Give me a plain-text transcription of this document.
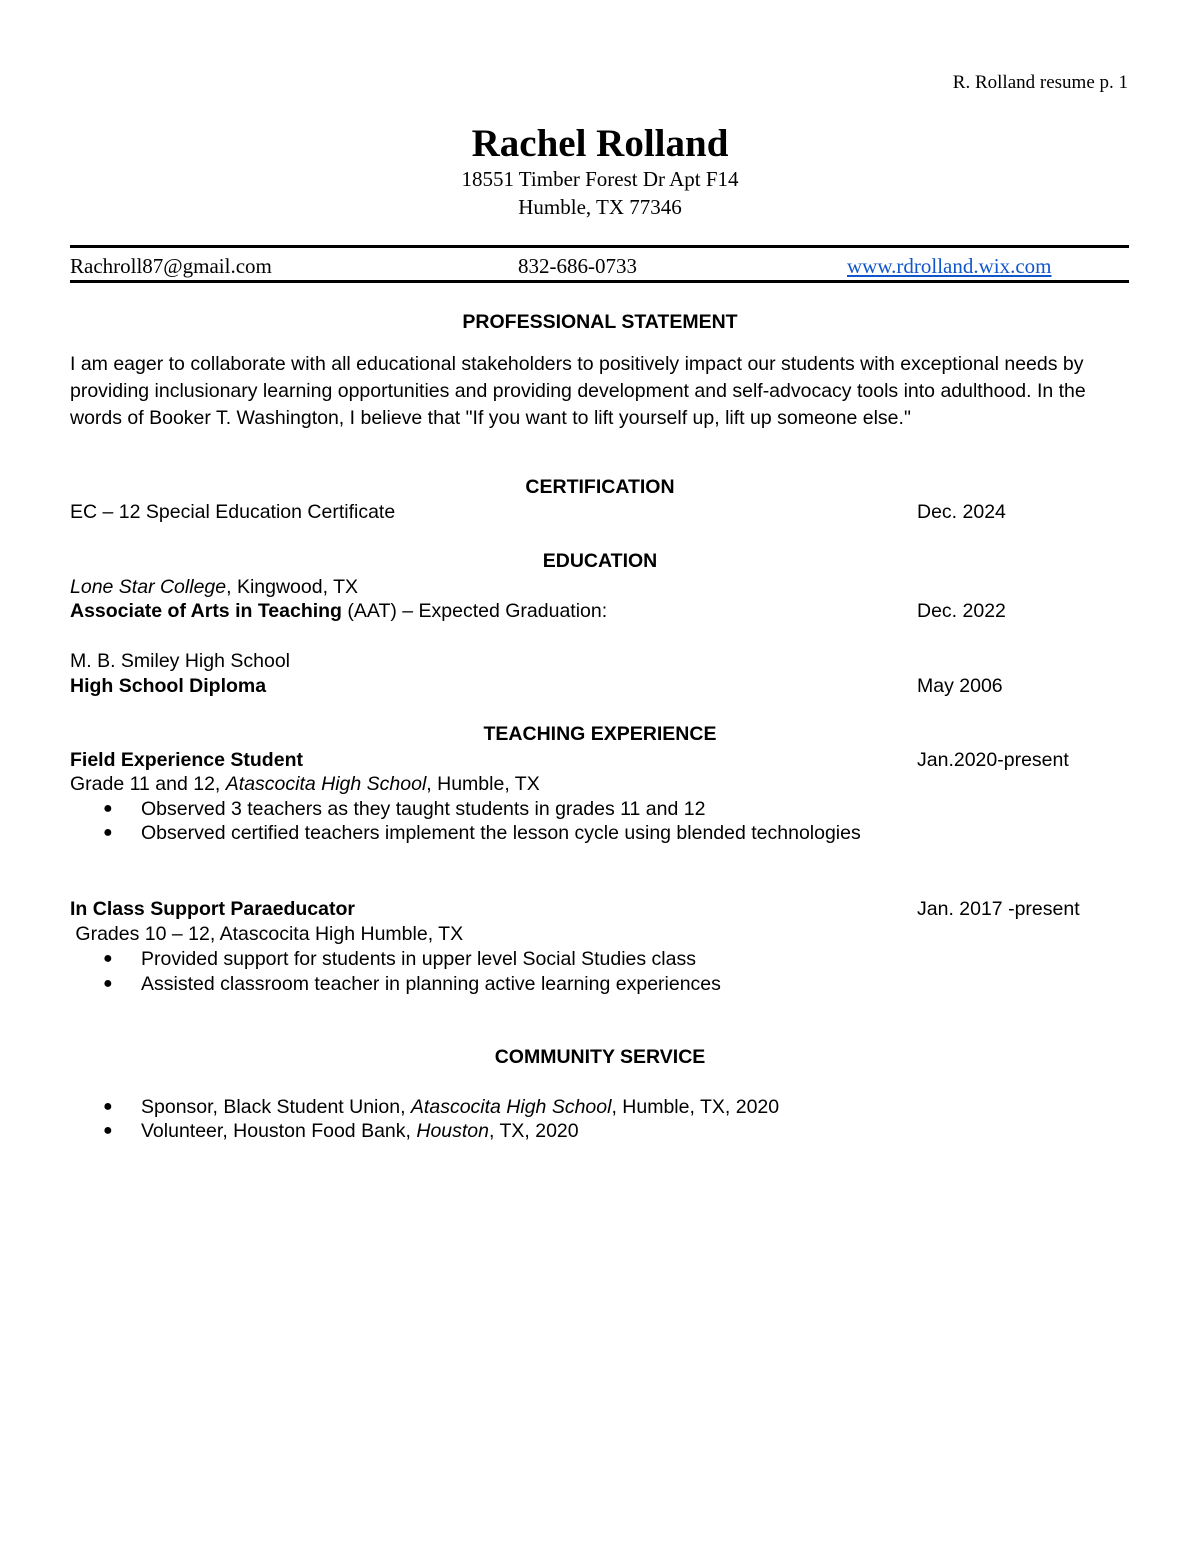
R. Rolland resume p. 1
Rachel Rolland
18551 Timber Forest Dr Apt F14
Humble, TX 77346
Rachroll87@gmail.com	832-686-0733	www.rdrolland.wix.com
PROFESSIONAL STATEMENT
I am eager to collaborate with all educational stakeholders to positively impact our students with exceptional needs by providing inclusionary learning opportunities and providing development and self-advocacy tools into adulthood. In the words of Booker T. Washington, I believe that "If you want to lift yourself up, lift up someone else."
CERTIFICATION
EC – 12 Special Education Certificate	Dec. 2024
EDUCATION
Lone Star College, Kingwood, TX
Associate of Arts in Teaching (AAT) – Expected Graduation:	Dec. 2022
M. B. Smiley High School
High School Diploma	May 2006
TEACHING EXPERIENCE
Field Experience Student	Jan.2020-present
Grade 11 and 12, Atascocita High School, Humble, TX
● Observed 3 teachers as they taught students in grades 11 and 12
● Observed certified teachers implement the lesson cycle using blended technologies
In Class Support Paraeducator	Jan. 2017 -present
Grades 10 – 12, Atascocita High Humble, TX
● Provided support for students in upper level Social Studies class
● Assisted classroom teacher in planning active learning experiences
COMMUNITY SERVICE
● Sponsor, Black Student Union, Atascocita High School, Humble, TX, 2020
● Volunteer, Houston Food Bank, Houston, TX, 2020
